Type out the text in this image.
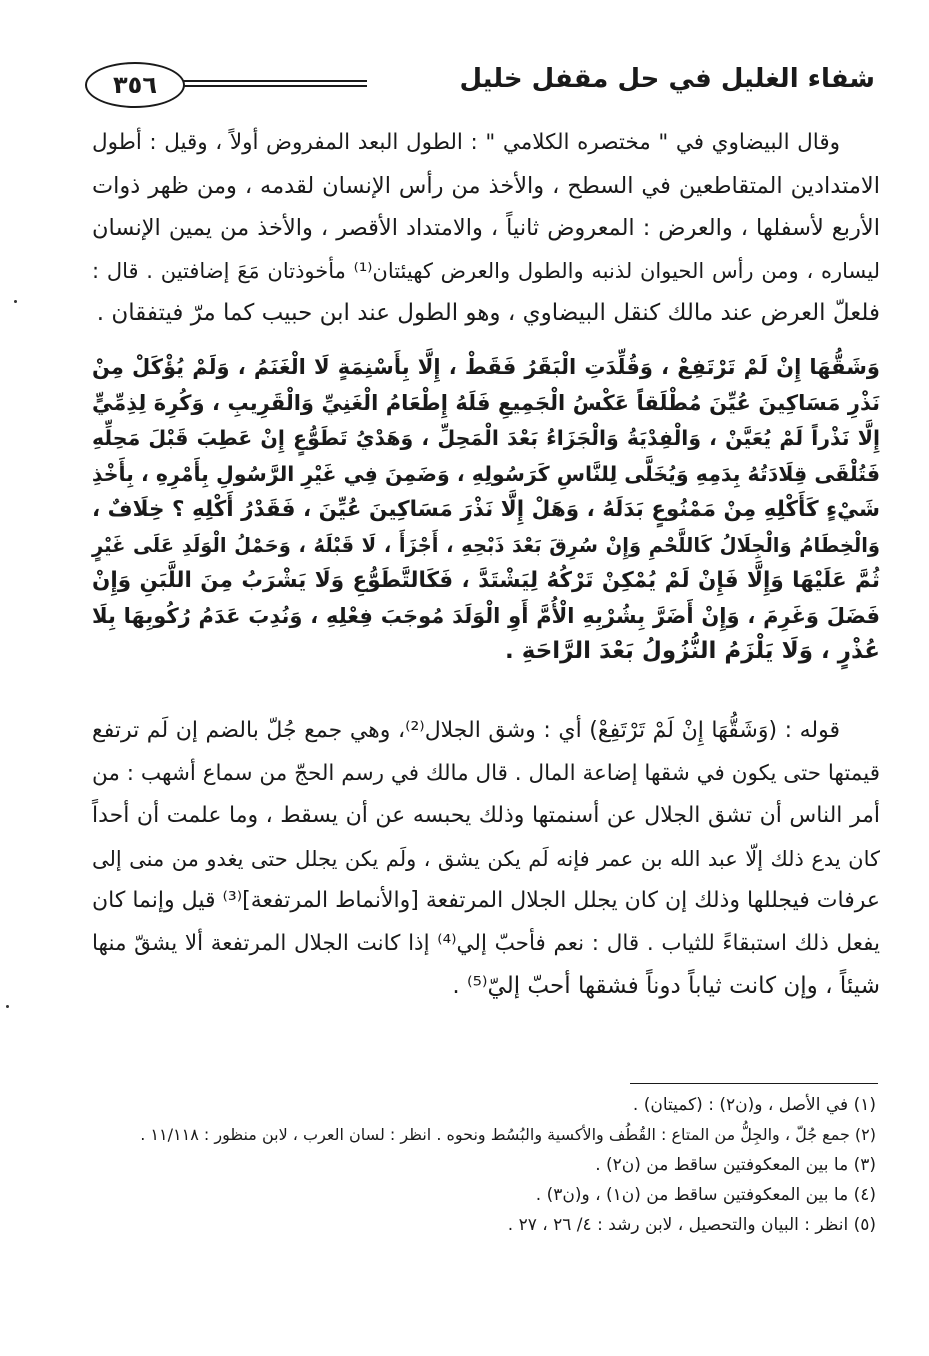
٣٥٦	شفاء الغليل في حل مقفل خليل
وقال البيضاوي في " مختصره الكلامي " : الطول البعد المفروض أولاً ، وقيل : أطول
الامتدادين المتقاطعين في السطح ، والأخذ من رأس الإنسان لقدمه ، ومن ظهر ذوات
الأربع لأسفلها ، والعرض : المعروض ثانياً ، والامتداد الأقصر ، والأخذ من يمين الإنسان
ليساره ، ومن رأس الحيوان لذنبه والطول والعرض كهيئتان⁽¹⁾ مأخوذتان مَعَ إضافتين . قال :
فلعلّ العرض عند مالك كنقل البيضاوي ، وهو الطول عند ابن حبيب كما مرّ فيتفقان .
وَشَقُّهَا إِنْ لَمْ تَرْتَفِعْ ، وَقُلِّدَتِ الْبَقَرُ فَقَطْ ، إِلَّا بِأَسْنِمَةٍ لَا الْغَنَمُ ، وَلَمْ يُؤْكَلْ مِنْ
نَذْرِ مَسَاكِينَ عُيِّنَ مُطْلَقاً عَكْسُ الْجَمِيعِ فَلَهُ إِطْعَامُ الْغَنِيِّ وَالْقَرِيبِ ، وَكُرِهَ لِذِمِّيٍّ
إِلَّا نَذْراً لَمْ يُعَيَّنْ ، وَالْفِدْيَةُ وَالْجَزَاءُ بَعْدَ الْمَحِلِّ ، وَهَدْيُ تَطَوُّعٍ إِنْ عَطِبَ قَبْلَ مَحِلِّهِ
فَتُلْقَى قِلَادَتُهُ بِدَمِهِ وَيُخَلَّى لِلنَّاسِ كَرَسُولِهِ ، وَضَمِنَ فِي غَيْرِ الرَّسُولِ بِأَمْرِهِ ، بِأَخْذِ
شَيْءٍ كَأَكْلِهِ مِنْ مَمْنُوعٍ بَدَلَهُ ، وَهَلْ إِلَّا نَذْرَ مَسَاكِينَ عُيِّنَ ، فَقَدْرُ أَكْلِهِ ؟ خِلَافٌ ،
وَالْخِطَامُ وَالْجِلَالُ كَاللَّحْمِ وَإِنْ سُرِقَ بَعْدَ ذَبْحِهِ ، أَجْزَأَ ، لَا قَبْلَهُ ، وَحَمْلُ الْوَلَدِ عَلَى غَيْرٍ
ثُمَّ عَلَيْهَا وَإِلَّا فَإِنْ لَمْ يُمْكِنْ تَرْكُهُ لِيَشْتَدَّ ، فَكَالتَّطَوُّعِ وَلَا يَشْرَبُ مِنَ اللَّبَنِ وَإِنْ
فَضَلَ وَغَرِمَ ، وَإِنْ أَضَرَّ بِشُرْبِهِ الْأُمَّ أَوِ الْوَلَدَ مُوجَبَ فِعْلِهِ ، وَنُدِبَ عَدَمُ رُكُوبِهَا بِلَا
عُذْرٍ ، وَلَا يَلْزَمُ النُّزُولُ بَعْدَ الرَّاحَةِ .
قوله : (وَشَقُّهَا إِنْ لَمْ تَرْتَفِعْ) أي : وشق الجلال⁽²⁾، وهي جمع جُلّ بالضم إن لَم ترتفع
قيمتها حتى يكون في شقها إضاعة المال . قال مالك في رسم الحجّ من سماع أشهب : من
أمر الناس أن تشق الجلال عن أسنمتها وذلك يحبسه عن أن يسقط ، وما علمت أن أحداً
كان يدع ذلك إلّا عبد الله بن عمر فإنه لَم يكن يشق ، ولَم يكن يجلل حتى يغدو من منى إلى
عرفات فيجللها وذلك إن كان يجلل الجلال المرتفعة [والأنماط المرتفعة]⁽³⁾ قيل وإنما كان
يفعل ذلك استبقاءً للثياب . قال : نعم فأحبّ إلي⁽⁴⁾ إذا كانت الجلال المرتفعة ألا يشقّ منها
شيئاً ، وإن كانت ثياباً دوناً فشقها أحبّ إليّ⁽⁵⁾ .
(١) في الأصل ، و(ن٢) : (كميتان) .
(٢) جمع جُلّ ، والجِلُّ من المتاع : القُطُف والأكسية والبُسُط ونحوه . انظر : لسان العرب ، لابن منظور : ١١/١١٨ .
(٣) ما بين المعكوفتين ساقط من (ن٢) .
(٤) ما بين المعكوفتين ساقط من (ن١) ، و(ن٣) .
(٥) انظر : البيان والتحصيل ، لابن رشد : ٤/ ٢٦ ، ٢٧ .
